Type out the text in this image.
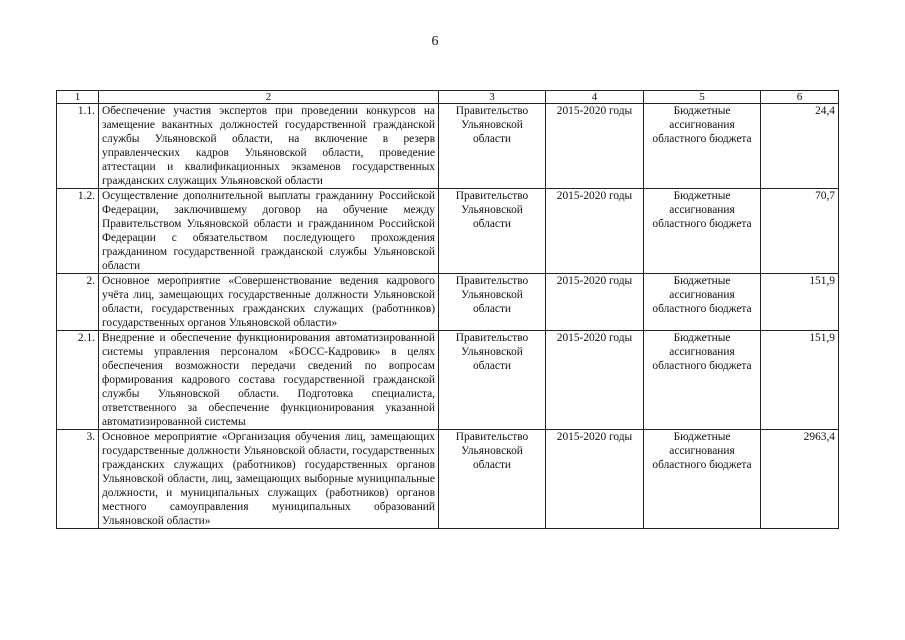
6
1	2	3	4	5	6
1.1.	Обеспечение участия экспертов при проведении конкурсов на замещение вакантных должностей государственной гражданской службы Ульяновской области, на включение в резерв управленческих кадров Ульяновской области, проведение аттестации и квалификационных экзаменов государственных гражданских служащих Ульяновской области	Правительство Ульяновской области	2015-2020 годы	Бюджетные ассигнования областного бюджета	24,4
1.2.	Осуществление дополнительной выплаты гражданину Российской Федерации, заключившему договор на обучение между Правительством Ульяновской области и гражданином Российской Федерации с обязательством последующего прохождения гражданином государственной гражданской службы Ульяновской области	Правительство Ульяновской области	2015-2020 годы	Бюджетные ассигнования областного бюджета	70,7
2.	Основное мероприятие «Совершенствование ведения кадрового учёта лиц, замещающих государственные должности Ульяновской области, государственных гражданских служащих (работников) государственных органов Ульяновской области»	Правительство Ульяновской области	2015-2020 годы	Бюджетные ассигнования областного бюджета	151,9
2.1.	Внедрение и обеспечение функционирования автоматизированной системы управления персоналом «БОСС-Кадровик» в целях обеспечения возможности передачи сведений по вопросам формирования кадрового состава государственной гражданской службы Ульяновской области. Подготовка специалиста, ответственного за обеспечение функционирования указанной автоматизированной системы	Правительство Ульяновской области	2015-2020 годы	Бюджетные ассигнования областного бюджета	151,9
3.	Основное мероприятие «Организация обучения лиц, замещающих государственные должности Ульяновской области, государственных гражданских служащих (работников) государственных органов Ульяновской области, лиц, замещающих выборные муниципальные должности, и муниципальных служащих (работников) органов местного самоуправления муниципальных образований Ульяновской области»	Правительство Ульяновской области	2015-2020 годы	Бюджетные ассигнования областного бюджета	2963,4
